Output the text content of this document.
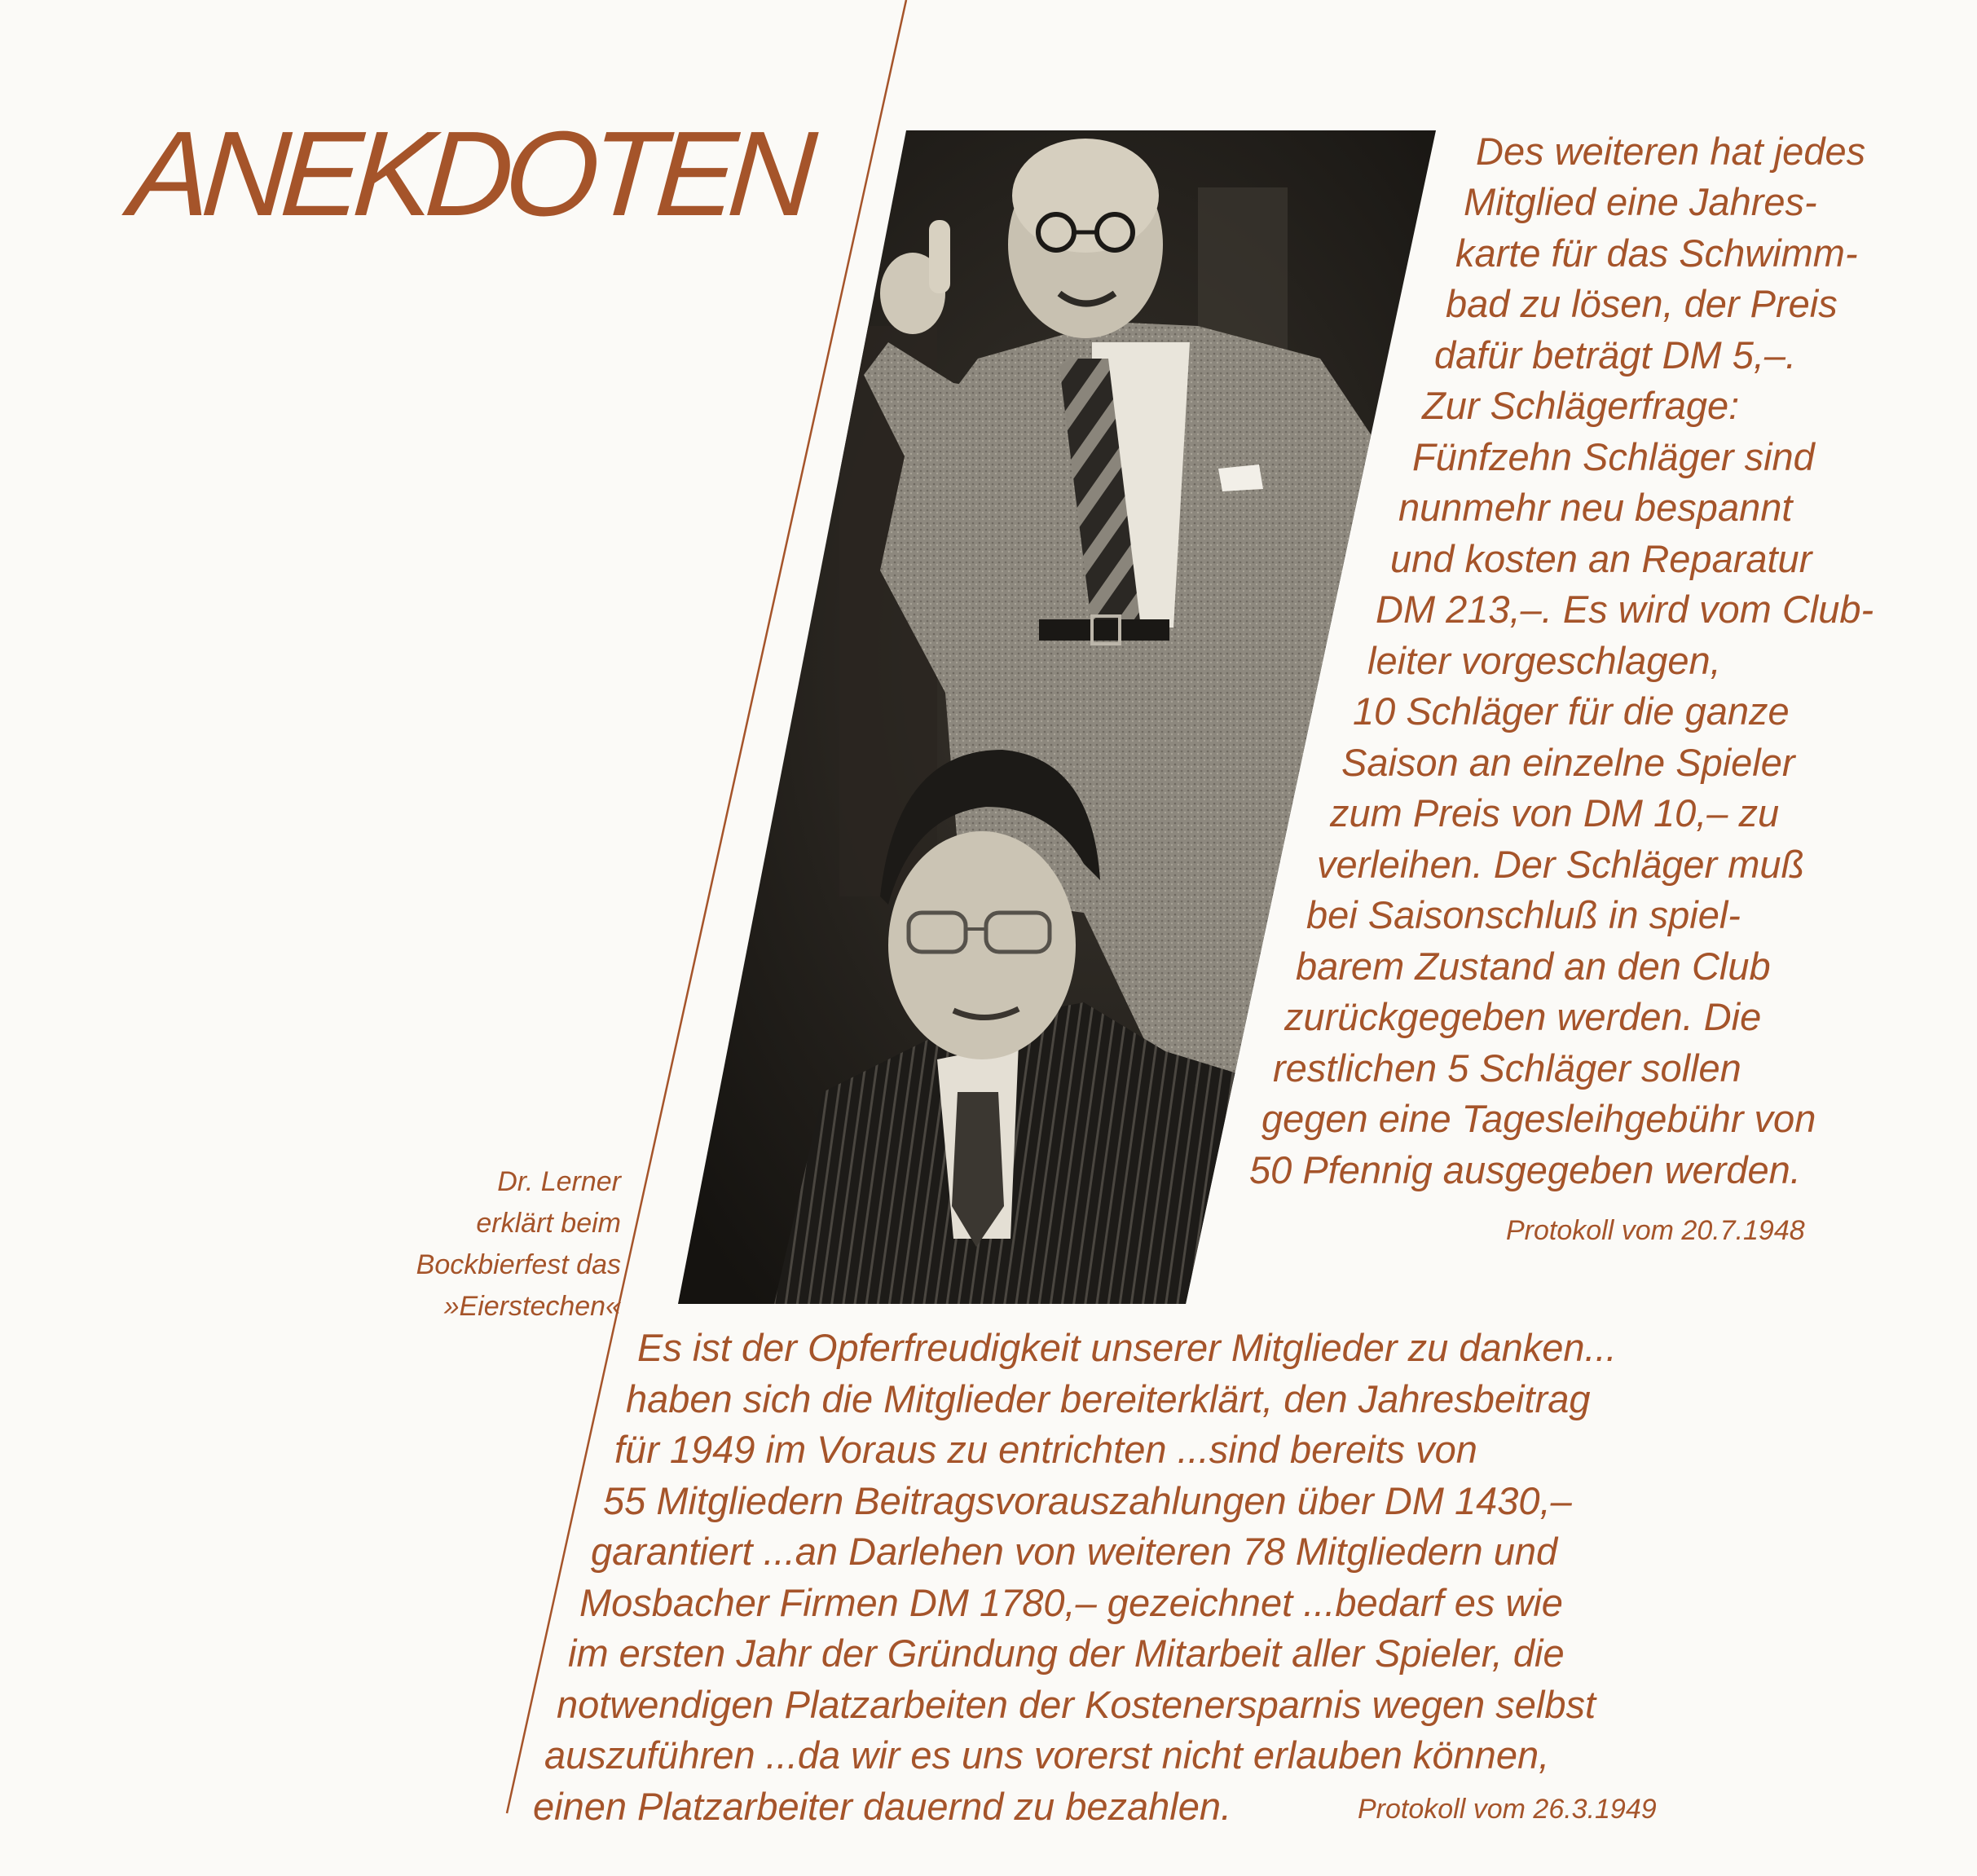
ANEKDOTEN
Dr. Lerner
erklärt beim
Bockbierfest das
»Eierstechen«
Des weiteren hat jedes
Mitglied eine Jahres-
karte für das Schwimm-
bad zu lösen, der Preis
dafür beträgt DM 5,–.
Zur Schlägerfrage:
Fünfzehn Schläger sind
nunmehr neu bespannt
und kosten an Reparatur
DM 213,–. Es wird vom Club-
leiter vorgeschlagen,
10 Schläger für die ganze
Saison an einzelne Spieler
zum Preis von DM 10,– zu
verleihen. Der Schläger muß
bei Saisonschluß in spiel-
barem Zustand an den Club
zurückgegeben werden. Die
restlichen 5 Schläger sollen
gegen eine Tagesleihgebühr von
50 Pfennig ausgegeben werden.
Protokoll vom 20.7.1948
Es ist der Opferfreudigkeit unserer Mitglieder zu danken...
haben sich die Mitglieder bereiterklärt, den Jahresbeitrag
für 1949 im Voraus zu entrichten ...sind bereits von
55 Mitgliedern Beitragsvorauszahlungen über DM 1430,–
garantiert ...an Darlehen von weiteren 78 Mitgliedern und
Mosbacher Firmen DM 1780,– gezeichnet ...bedarf es wie
im ersten Jahr der Gründung der Mitarbeit aller Spieler, die
notwendigen Platzarbeiten der Kostenersparnis wegen selbst
auszuführen ...da wir es uns vorerst nicht erlauben können,
einen Platzarbeiter dauernd zu bezahlen.	Protokoll vom 26.3.1949
